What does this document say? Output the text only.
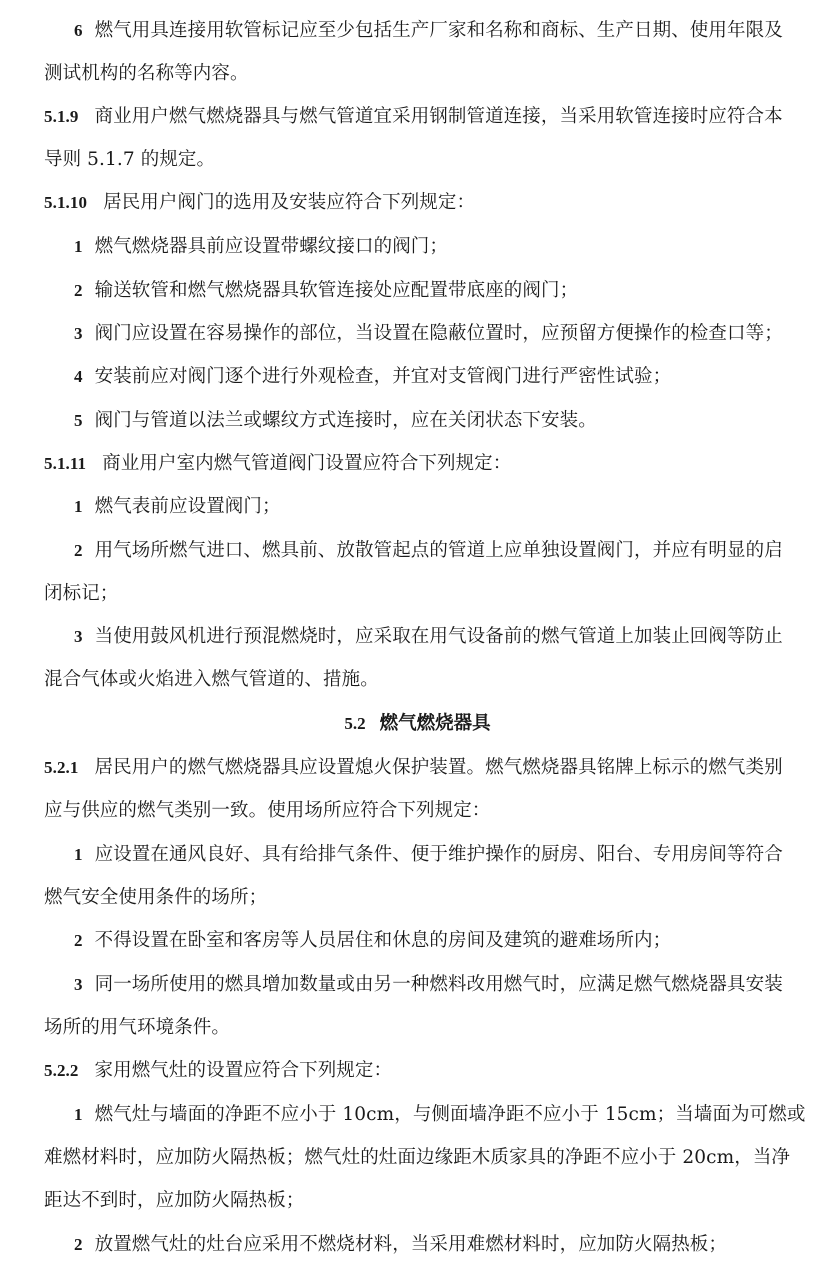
6 燃气用具连接用软管标记应至少包括生产厂家和名称和商标、生产日期、使用年限及
测试机构的名称等内容。
5.1.9 商业用户燃气燃烧器具与燃气管道宜采用钢制管道连接，当采用软管连接时应符合本
导则 5.1.7 的规定。
5.1.10 居民用户阀门的选用及安装应符合下列规定：
1 燃气燃烧器具前应设置带螺纹接口的阀门；
2 输送软管和燃气燃烧器具软管连接处应配置带底座的阀门；
3 阀门应设置在容易操作的部位，当设置在隐蔽位置时，应预留方便操作的检查口等；
4 安装前应对阀门逐个进行外观检查，并宜对支管阀门进行严密性试验；
5 阀门与管道以法兰或螺纹方式连接时，应在关闭状态下安装。
5.1.11 商业用户室内燃气管道阀门设置应符合下列规定：
1 燃气表前应设置阀门；
2 用气场所燃气进口、燃具前、放散管起点的管道上应单独设置阀门，并应有明显的启
闭标记；
3 当使用鼓风机进行预混燃烧时，应采取在用气设备前的燃气管道上加装止回阀等防止
混合气体或火焰进入燃气管道的、措施。
5.2 燃气燃烧器具
5.2.1 居民用户的燃气燃烧器具应设置熄火保护装置。燃气燃烧器具铭牌上标示的燃气类别
应与供应的燃气类别一致。使用场所应符合下列规定：
1 应设置在通风良好、具有给排气条件、便于维护操作的厨房、阳台、专用房间等符合
燃气安全使用条件的场所；
2 不得设置在卧室和客房等人员居住和休息的房间及建筑的避难场所内；
3 同一场所使用的燃具增加数量或由另一种燃料改用燃气时，应满足燃气燃烧器具安装
场所的用气环境条件。
5.2.2 家用燃气灶的设置应符合下列规定：
1 燃气灶与墙面的净距不应小于 10cm，与侧面墙净距不应小于 15cm；当墙面为可燃或
难燃材料时，应加防火隔热板；燃气灶的灶面边缘距木质家具的净距不应小于 20cm，当净
距达不到时，应加防火隔热板；
2 放置燃气灶的灶台应采用不燃烧材料，当采用难燃材料时，应加防火隔热板；
